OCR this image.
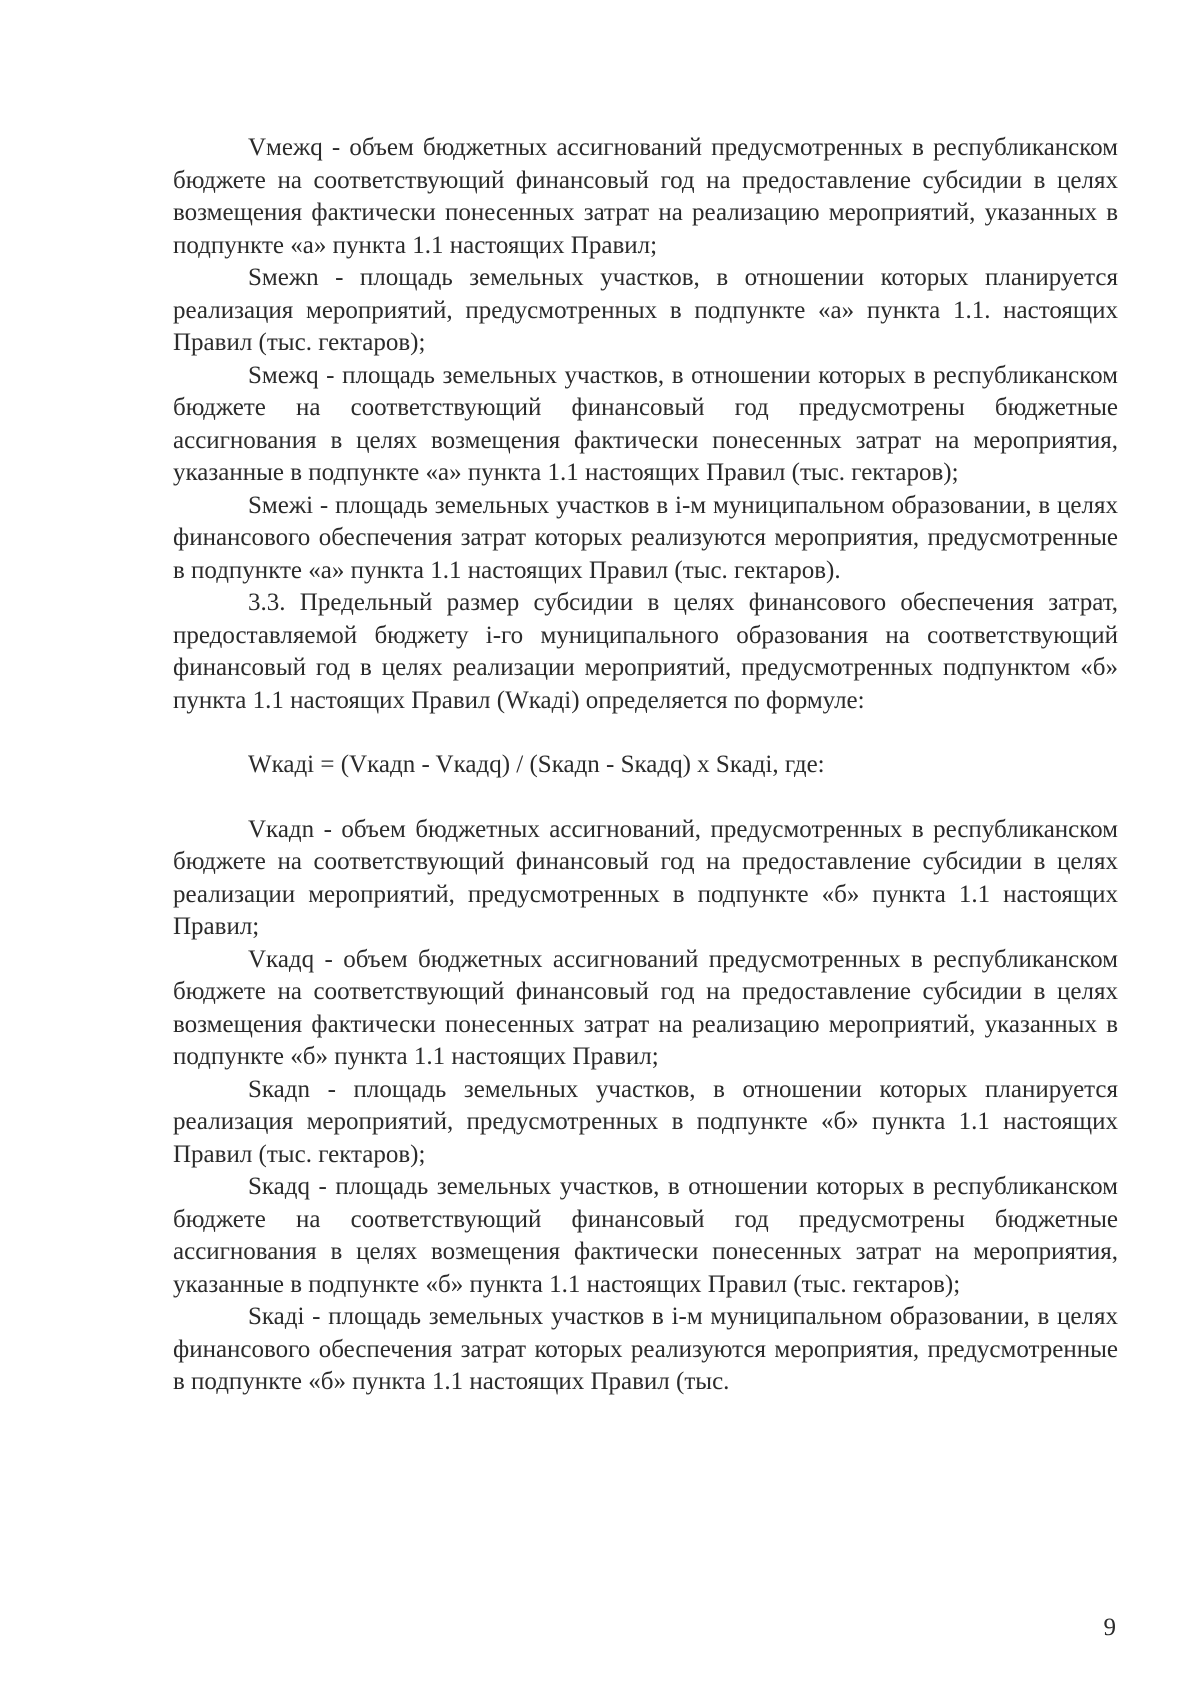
Vмежq - объем бюджетных ассигнований предусмотренных в республиканском бюджете на соответствующий финансовый год на предоставление субсидии в целях возмещения фактически понесенных затрат на реализацию мероприятий, указанных в подпункте «а» пункта 1.1 настоящих Правил;

Sмежn - площадь земельных участков, в отношении которых планируется реализация мероприятий, предусмотренных в подпункте «а» пункта 1.1. настоящих Правил (тыс. гектаров);

Sмежq - площадь земельных участков, в отношении которых в республиканском бюджете на соответствующий финансовый год предусмотрены бюджетные ассигнования в целях возмещения фактически понесенных затрат на мероприятия, указанные в подпункте «а» пункта 1.1 настоящих Правил (тыс. гектаров);

Sмежi - площадь земельных участков в i-м муниципальном образовании, в целях финансового обеспечения затрат которых реализуются мероприятия, предусмотренные в подпункте «а» пункта 1.1 настоящих Правил (тыс. гектаров).

3.3. Предельный размер субсидии в целях финансового обеспечения затрат, предоставляемой бюджету i-го муниципального образования на соответствующий финансовый год в целях реализации мероприятий, предусмотренных подпунктом «б» пункта 1.1 настоящих Правил (Wкадi) определяется по формуле:

Wкадi = (Vкадn - Vкадq) / (Sкадn - Sкадq) x Sкадi, где:

Vкадn - объем бюджетных ассигнований, предусмотренных в республиканском бюджете на соответствующий финансовый год на предоставление субсидии в целях реализации мероприятий, предусмотренных в подпункте «б» пункта 1.1 настоящих Правил;

Vкадq - объем бюджетных ассигнований предусмотренных в республиканском бюджете на соответствующий финансовый год на предоставление субсидии в целях возмещения фактически понесенных затрат на реализацию мероприятий, указанных в подпункте «б» пункта 1.1 настоящих Правил;

Sкадn - площадь земельных участков, в отношении которых планируется реализация мероприятий, предусмотренных в подпункте «б» пункта 1.1 настоящих Правил (тыс. гектаров);

Sкадq - площадь земельных участков, в отношении которых в республиканском бюджете на соответствующий финансовый год предусмотрены бюджетные ассигнования в целях возмещения фактически понесенных затрат на мероприятия, указанные в подпункте «б» пункта 1.1 настоящих Правил (тыс. гектаров);

Sкадi - площадь земельных участков в i-м муниципальном образовании, в целях финансового обеспечения затрат которых реализуются мероприятия, предусмотренные в подпункте «б» пункта 1.1 настоящих Правил (тыс.

9
